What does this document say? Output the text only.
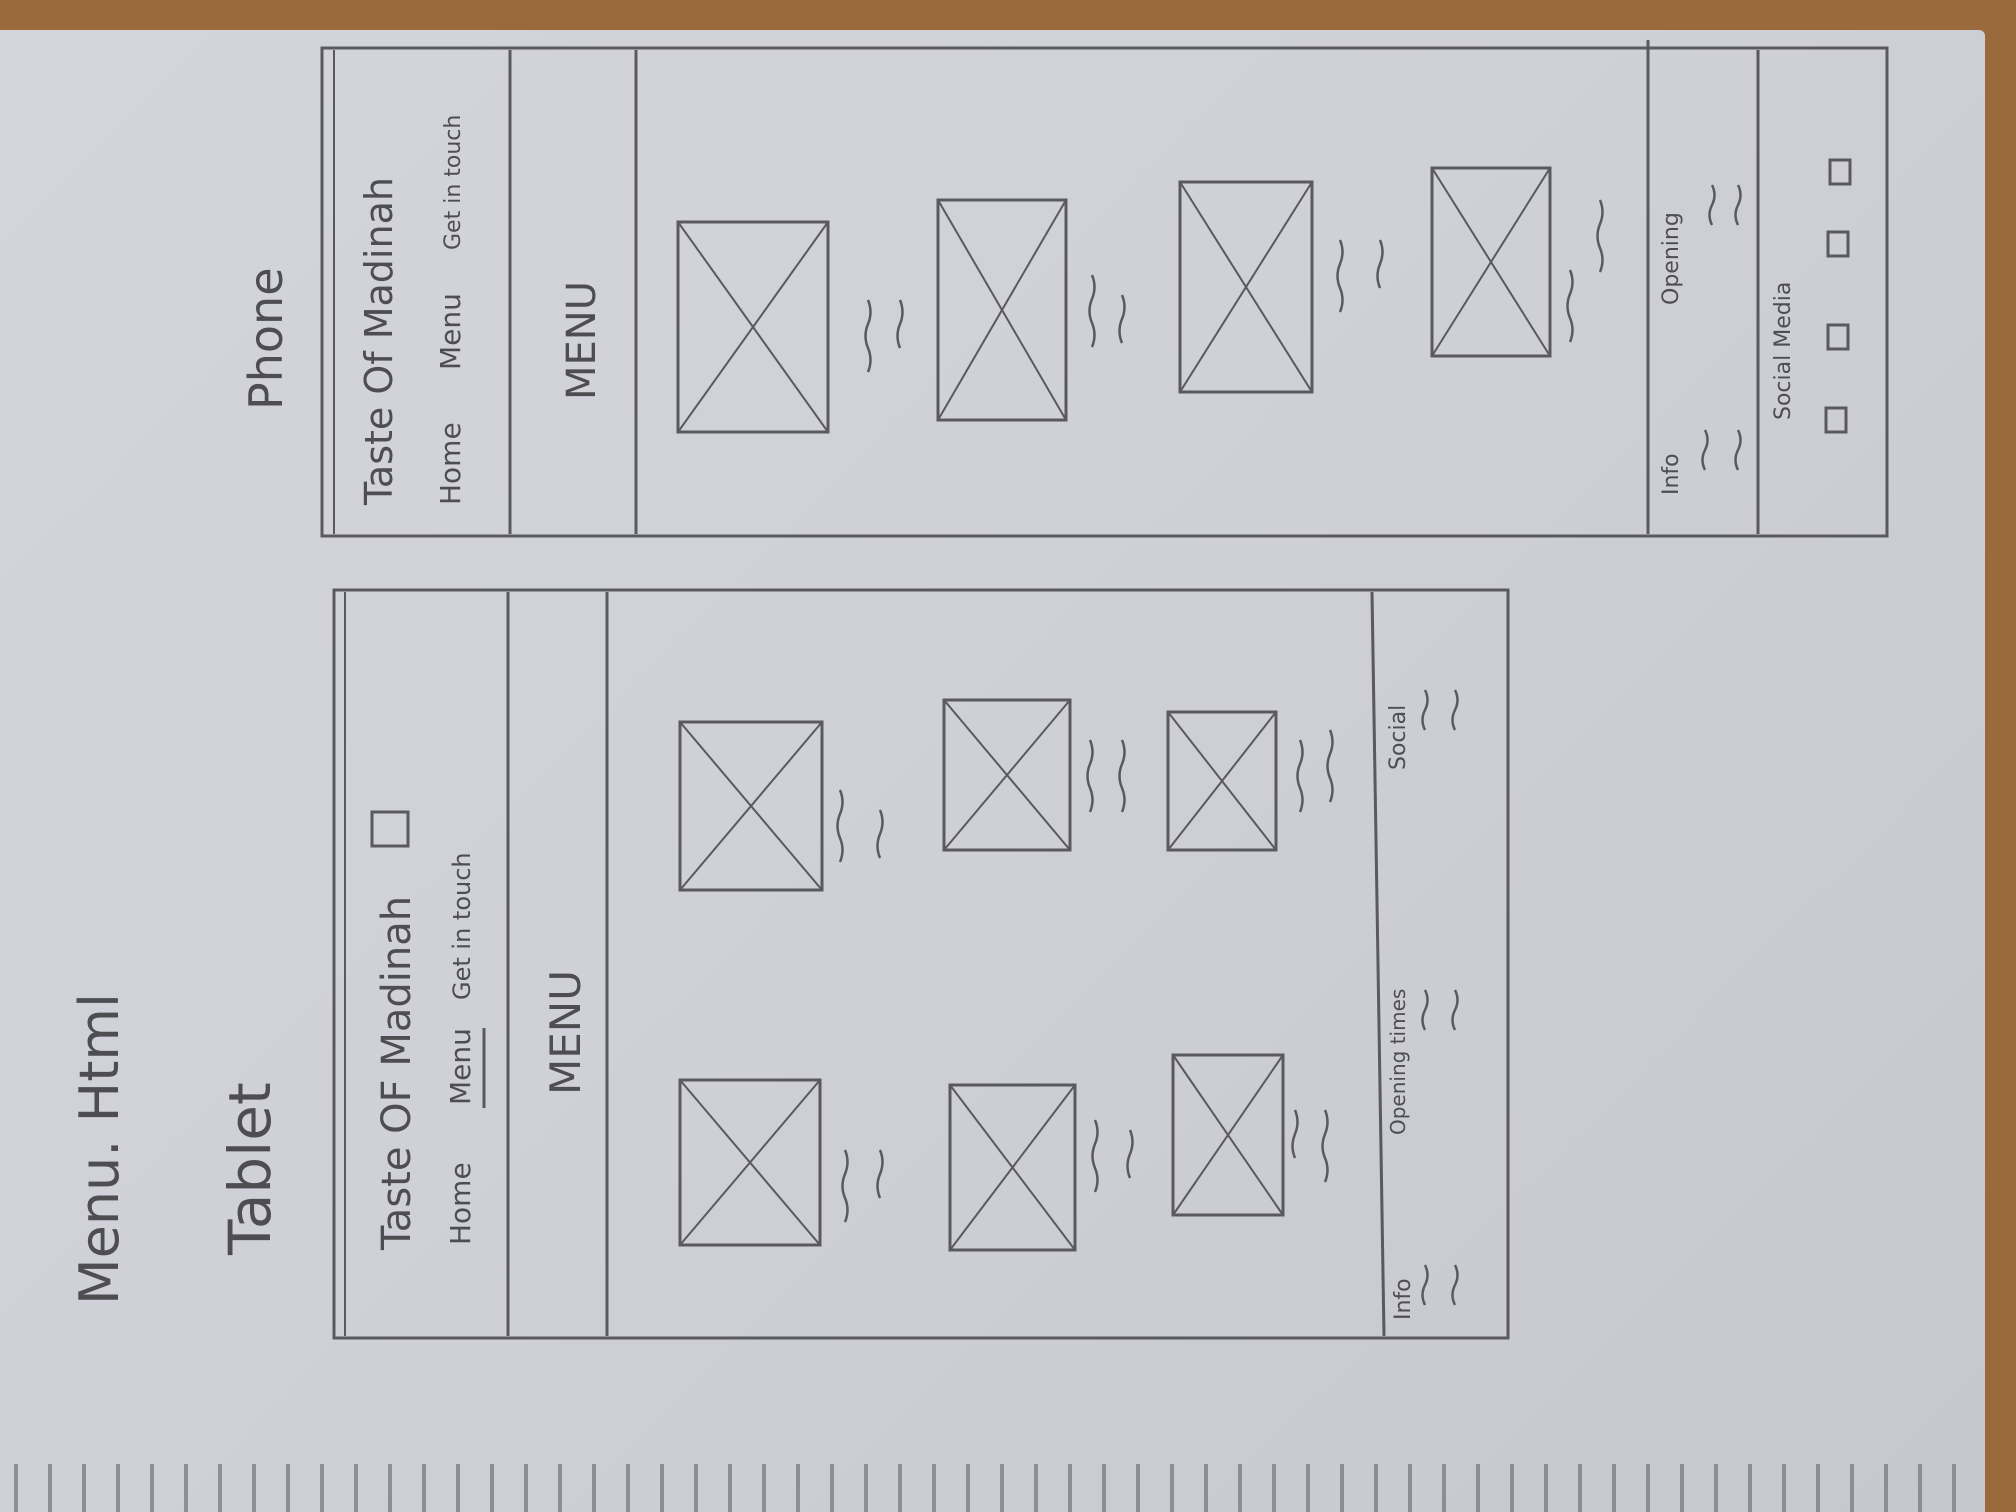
Menu. Html Tablet
Phone
Taste OF Madinah Home
Menu
Get in touch
MENU
Info
Opening times
Social
Taste Of Madinah Home
Menu
Get in touch
MENU
Info
Opening
Social Media
